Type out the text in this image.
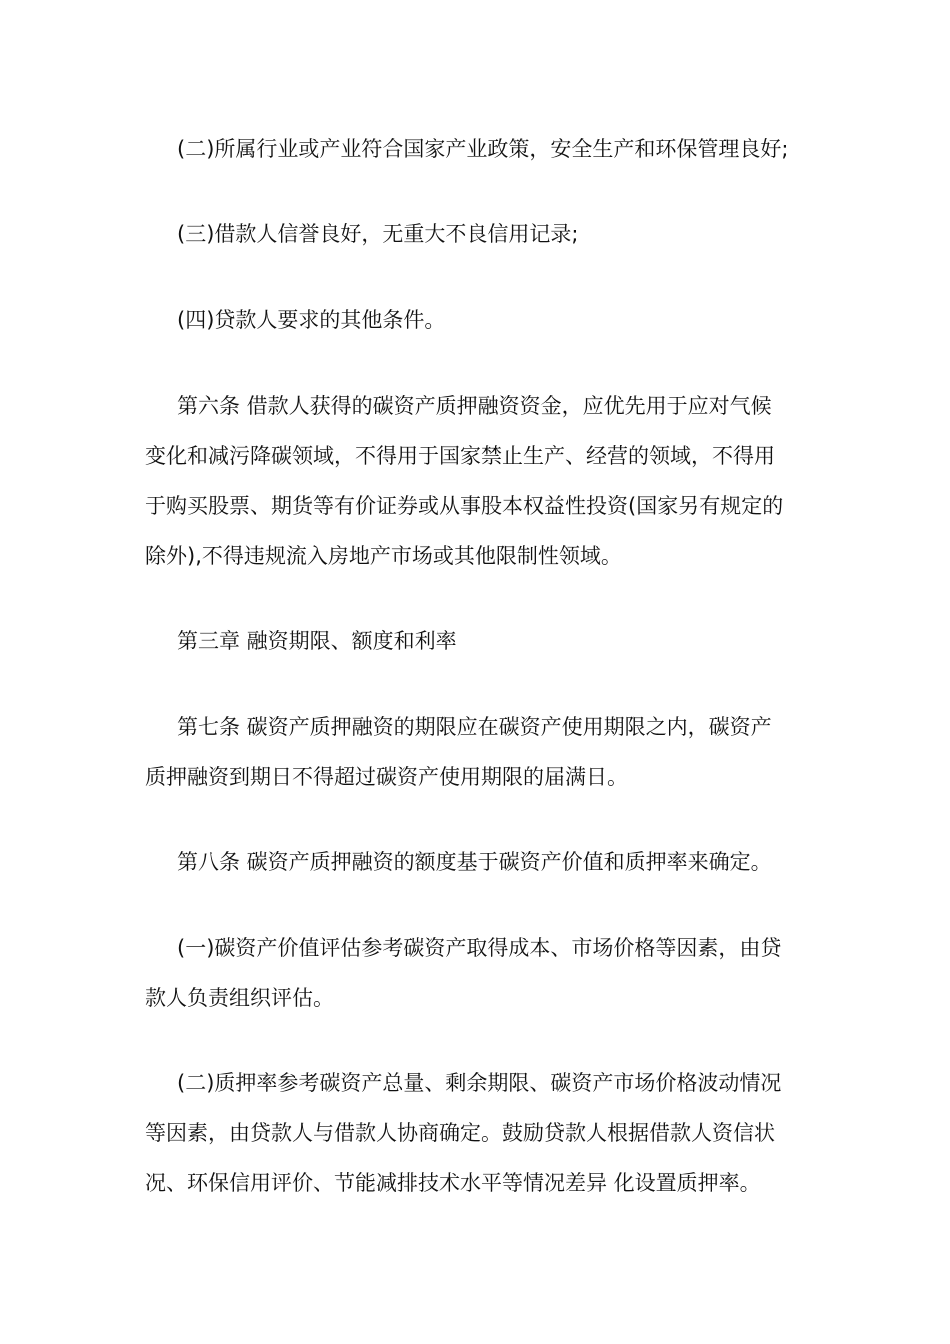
(二)所属行业或产业符合国家产业政策，安全生产和环保管理良好;
(三)借款人信誉良好，无重大不良信用记录;
(四)贷款人要求的其他条件。
第六条 借款人获得的碳资产质押融资资金，应优先用于应对气候
变化和减污降碳领域，不得用于国家禁止生产、经营的领域，不得用
于购买股票、期货等有价证券或从事股本权益性投资(国家另有规定的
除外),不得违规流入房地产市场或其他限制性领域。
第三章 融资期限、额度和利率
第七条 碳资产质押融资的期限应在碳资产使用期限之内，碳资产
质押融资到期日不得超过碳资产使用期限的届满日。
第八条 碳资产质押融资的额度基于碳资产价值和质押率来确定。
(一)碳资产价值评估参考碳资产取得成本、市场价格等因素，由贷
款人负责组织评估。
(二)质押率参考碳资产总量、剩余期限、碳资产市场价格波动情况
等因素，由贷款人与借款人协商确定。鼓励贷款人根据借款人资信状
况、环保信用评价、节能减排技术水平等情况差异 化设置质押率。
